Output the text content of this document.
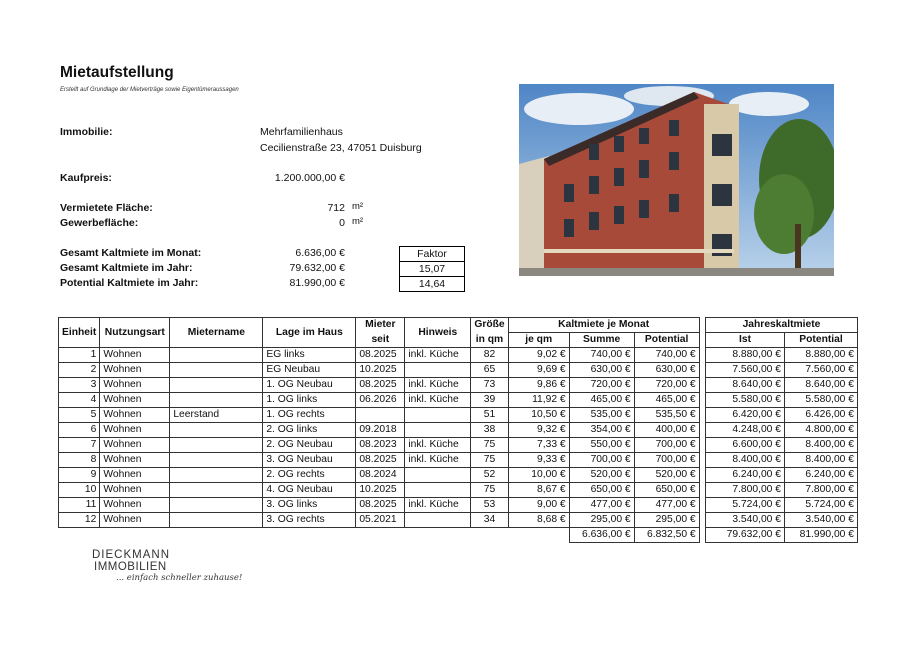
Mietaufstellung
Erstellt auf Grundlage der Mietverträge sowie Eigentümeraussagen
Immobilie:	Mehrfamilienhaus
Cecilienstraße 23, 47051 Duisburg
Kaufpreis:	1.200.000,00 €
Vermietete Fläche:	712 m²
Gewerbefläche:	0 m²
Gesamt Kaltmiete im Monat:	6.636,00 €
Gesamt Kaltmiete im Jahr:	79.632,00 €
Potential Kaltmiete im Jahr:	81.990,00 €
Faktor
15,07
14,64
Einheit	Nutzungsart	Mietername	Lage im Haus	Mieter	Hinweis	Größe	Kaltmiete je Monat		
				seit		in qm	je qm	Summe	Potential
1	Wohnen		EG links	08.2025	inkl. Küche	82	9,02 €	740,00 €	740,00 €
2	Wohnen		EG Neubau	10.2025		65	9,69 €	630,00 €	630,00 €
3	Wohnen		1. OG Neubau	08.2025	inkl. Küche	73	9,86 €	720,00 €	720,00 €
4	Wohnen		1. OG links	06.2026	inkl. Küche	39	11,92 €	465,00 €	465,00 €
5	Wohnen	Leerstand	1. OG rechts			51	10,50 €	535,00 €	535,50 €
6	Wohnen		2. OG links	09.2018		38	9,32 €	354,00 €	400,00 €
7	Wohnen		2. OG Neubau	08.2023	inkl. Küche	75	7,33 €	550,00 €	700,00 €
8	Wohnen		3. OG Neubau	08.2025	inkl. Küche	75	9,33 €	700,00 €	700,00 €
9	Wohnen		2. OG rechts	08.2024		52	10,00 €	520,00 €	520,00 €
10	Wohnen		4. OG Neubau	10.2025		75	8,67 €	650,00 €	650,00 €
11	Wohnen		3. OG links	08.2025	inkl. Küche	53	9,00 €	477,00 €	477,00 €
12	Wohnen		3. OG rechts	05.2021		34	8,68 €	295,00 €	295,00 €
								6.636,00 €	6.832,50 €
Jahreskaltmiete	
Ist	Potential
8.880,00 €	8.880,00 €
7.560,00 €	7.560,00 €
8.640,00 €	8.640,00 €
5.580,00 €	5.580,00 €
6.420,00 €	6.426,00 €
4.248,00 €	4.800,00 €
6.600,00 €	8.400,00 €
8.400,00 €	8.400,00 €
6.240,00 €	6.240,00 €
7.800,00 €	7.800,00 €
5.724,00 €	5.724,00 €
3.540,00 €	3.540,00 €
79.632,00 €	81.990,00 €
DIECKMANN
IMMOBILIEN
... einfach schneller zuhause!
